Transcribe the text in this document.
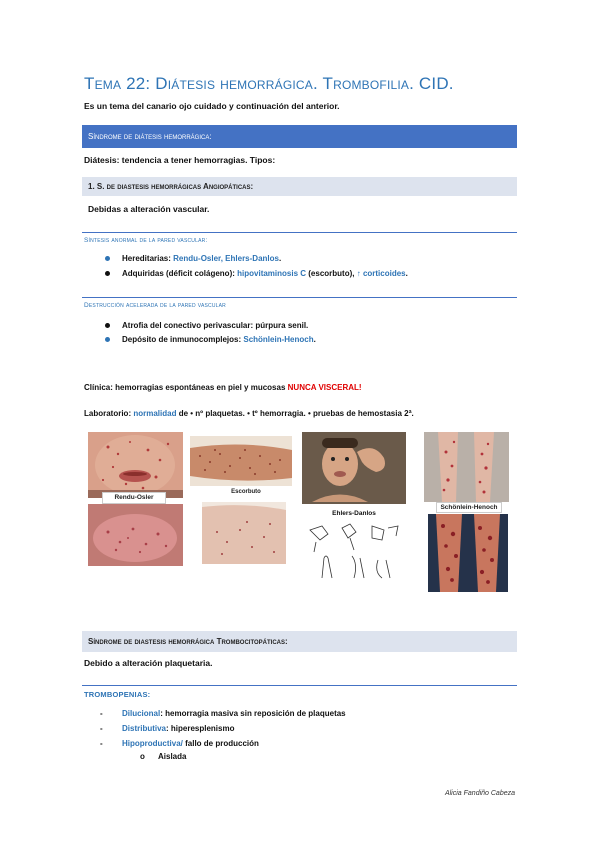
Tema 22: Diátesis hemorrágica. Trombofilia. CID.
Es un tema del canario ojo cuidado y continuación del anterior.
Síndrome de diátesis hemorrágica:
Diátesis: tendencia a tener hemorragias. Tipos:
1. S. de diastesis hemorrágicas Angiopáticas:
Debidas a alteración vascular.
Síntesis anormal de la pared vascular:
Hereditarias:
Rendu-Osler, Ehlers-Danlos .
Adquiridas (déficit colágeno):
hipovitaminosis C (escorbuto), ↑ corticoides .
Destrucción acelerada de la pared vascular
Atrofia del conectivo perivascular: púrpura senil.
Depósito de inmunocomplejos:
Schönlein-Henoch .
Clínica: hemorragias espontáneas en piel y mucosas NUNCA VISCERAL!
Laboratorio: normalidad de • nº plaquetas. • tº hemorragia. • pruebas de hemostasia 2ª.
Rendu-Osler
Escorbuto
Ehlers-Danlos
Schönlein-Henoch
Síndrome de diastesis hemorrágica Trombocitopáticas:
Debido a alteración plaquetaria.
TROMBOPENIAS:
-	Dilucional : hemorragia masiva sin reposición de plaquetas
-	Distributiva : hiperesplenismo
-	Hipoproductiva/ fallo de producción
o	Aislada
Alicia Fandiño Cabeza
